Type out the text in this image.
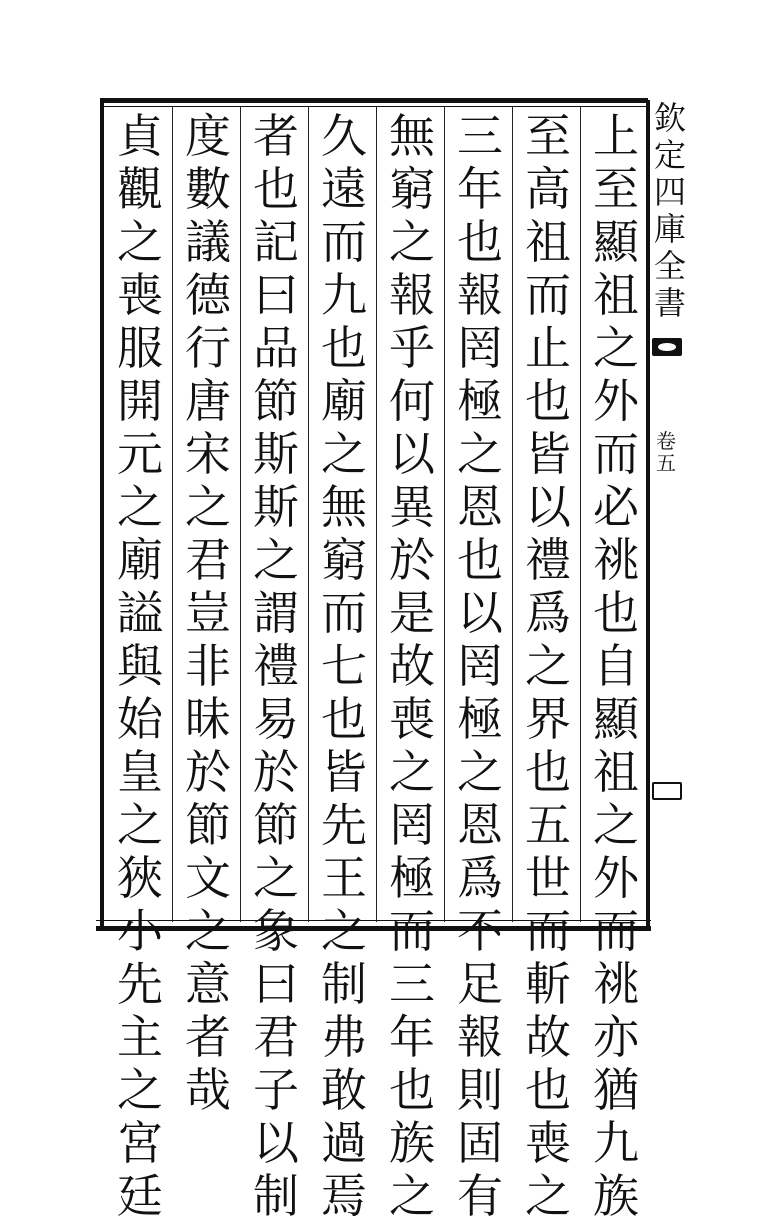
欽
定
四
庫
全
書
卷
五
上
至
顯
祖
之
外
而
必
祧
也
自
顯
祖
之
外
而
祧
亦
猶
九
族
至
高
祖
而
止
也
皆
以
禮
爲
之
界
也
五
世
而
斬
故
也
喪
之
三
年
也
報
罔
極
之
恩
也
以
罔
極
之
恩
爲
不
足
報
則
固
有
無
窮
之
報
乎
何
以
異
於
是
故
喪
之
罔
極
而
三
年
也
族
之
久
遠
而
九
也
廟
之
無
窮
而
七
也
皆
先
王
之
制
弗
敢
過
焉
者
也
記
曰
品
節
斯
斯
之
謂
禮
易
於
節
之
象
曰
君
子
以
制
度
數
議
德
行
唐
宋
之
君
豈
非
昧
於
節
文
之
意
者
哉
貞
觀
之
喪
服
開
元
之
廟
謚
與
始
皇
之
狹
小
先
主
之
宮
廷
